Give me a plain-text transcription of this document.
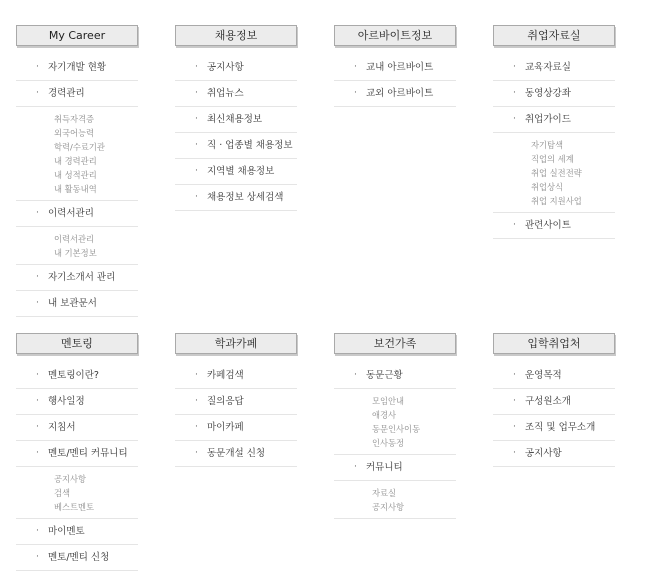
My Career
· 자기개발 현황
· 경력관리
취득자격증
외국어능력
학력/수료기관
내 경력관리
내 성적관리
내 활동내역
· 이력서관리
이력서관리
내 기본정보
· 자기소개서 관리
· 내 보관문서
채용정보
· 공지사항
· 취업뉴스
· 최신채용정보
· 직 · 업종별 채용정보
· 지역별 채용정보
· 채용정보 상세검색
아르바이트정보
· 교내 아르바이트
· 교외 아르바이트
취업자료실
· 교육자료실
· 동영상강좌
· 취업가이드
자기탐색
직업의 세계
취업 실전전략
취업상식
취업 지원사업
· 관련사이트
멘토링
· 멘토링이란?
· 행사일정
· 지침서
· 멘토/멘티 커뮤니티
공지사항
검색
베스트멘토
· 마이멘토
· 멘토/멘티 신청
학과카페
· 카페검색
· 질의응답
· 마이카페
· 동문개설 신청
보건가족
· 동문근황
모임안내
애경사
동문인사이동
인사동정
· 커뮤니티
자료실
공지사항
입학취업처
· 운영목적
· 구성원소개
· 조직 및 업무소개
· 공지사항
